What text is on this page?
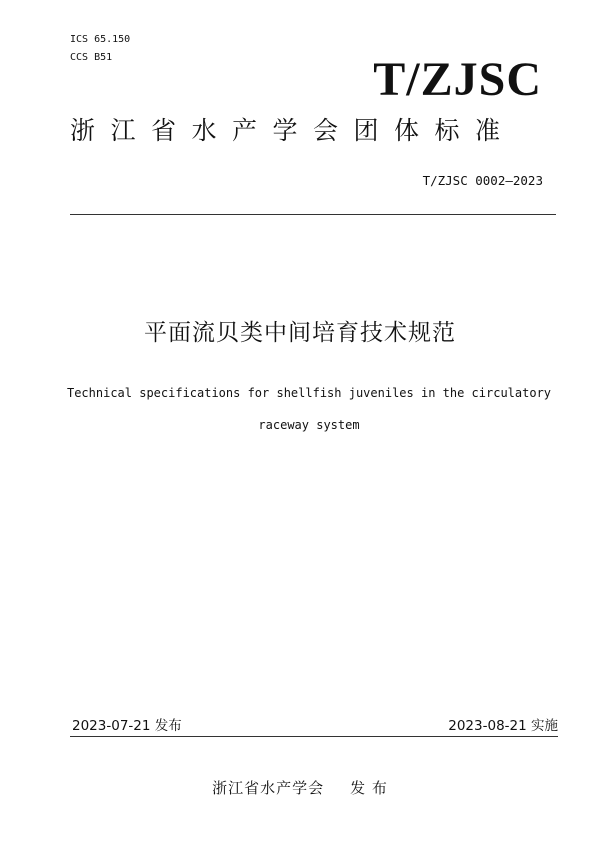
ICS 65.150
CCS B51	T/ZJSC
浙江省水产学会团体标准
T/ZJSC 0002—2023
平面流贝类中间培育技术规范
Technical specifications for shellfish juveniles in the circulatory
raceway system
2023-07-21 发布	2023-08-21 实施
浙江省水产学会 发 布
